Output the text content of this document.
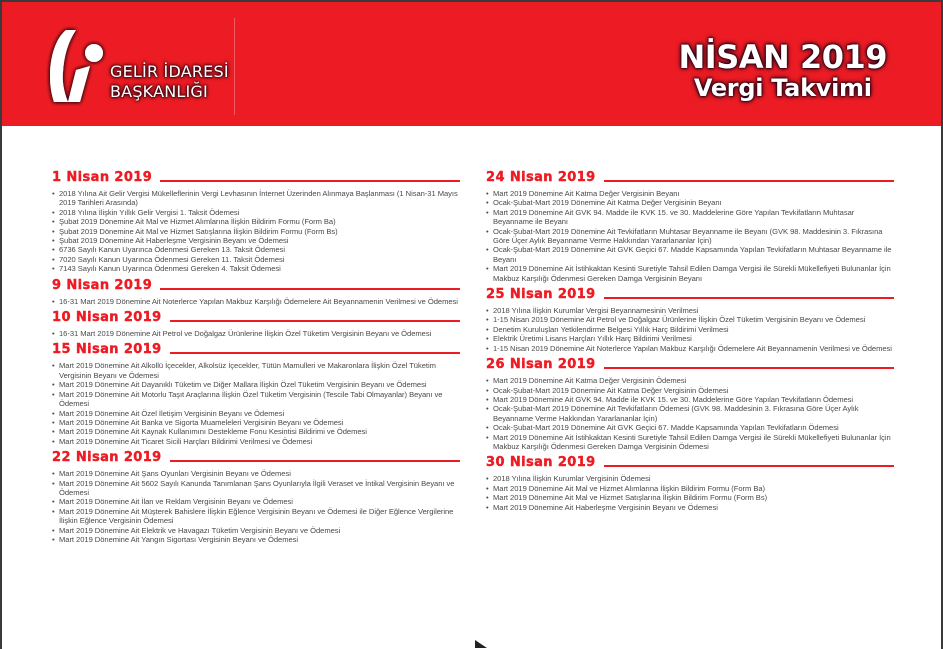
GELİR İDARESİ
BAŞKANLIĞI
NİSAN 2019
Vergi Takvimi
1 Nisan 2019
• 2018 Yılına Ait Gelir Vergisi Mükelleflerinin Vergi Levhasının İnternet Üzerinden Alınmaya Başlanması (1 Nisan-31 Mayıs 2019 Tarihleri Arasında)
• 2018 Yılına İlişkin Yıllık Gelir Vergisi 1. Taksit Ödemesi
• Şubat 2019 Dönemine Ait Mal ve Hizmet Alımlarına İlişkin Bildirim Formu (Form Ba)
• Şubat 2019 Dönemine Ait Mal ve Hizmet Satışlarına İlişkin Bildirim Formu (Form Bs)
• Şubat 2019 Dönemine Ait Haberleşme Vergisinin Beyanı ve Ödemesi
• 6736 Sayılı Kanun Uyarınca Ödenmesi Gereken 13. Taksit Ödemesi
• 7020 Sayılı Kanun Uyarınca Ödenmesi Gereken 11. Taksit Ödemesi
• 7143 Sayılı Kanun Uyarınca Ödenmesi Gereken 4. Taksit Ödemesi
9 Nisan 2019
• 16-31 Mart 2019 Dönemine Ait Noterlerce Yapılan Makbuz Karşılığı Ödemelere Ait Beyannamenin Verilmesi ve Ödemesi
10 Nisan 2019
• 16-31 Mart 2019 Dönemine Ait Petrol ve Doğalgaz Ürünlerine İlişkin Özel Tüketim Vergisinin Beyanı ve Ödemesi
15 Nisan 2019
• Mart 2019 Dönemine Ait Alkollü İçecekler, Alkolsüz İçecekler, Tütün Mamulleri ve Makaronlara İlişkin Özel Tüketim Vergisinin Beyanı ve Ödemesi
• Mart 2019 Dönemine Ait Dayanıklı Tüketim ve Diğer Mallara İlişkin Özel Tüketim Vergisinin Beyanı ve Ödemesi
• Mart 2019 Dönemine Ait Motorlu Taşıt Araçlarına İlişkin Özel Tüketim Vergisinin (Tescile Tabi Olmayanlar) Beyanı ve Ödemesi
• Mart 2019 Dönemine Ait Özel İletişim Vergisinin Beyanı ve Ödemesi
• Mart 2019 Dönemine Ait Banka ve Sigorta Muameleleri Vergisinin Beyanı ve Ödemesi
• Mart 2019 Dönemine Ait Kaynak Kullanımını Destekleme Fonu Kesintisi Bildirimi ve Ödemesi
• Mart 2019 Dönemine Ait Ticaret Sicili Harçları Bildirimi Verilmesi ve Ödemesi
22 Nisan 2019
• Mart 2019 Dönemine Ait Şans Oyunları Vergisinin Beyanı ve Ödemesi
• Mart 2019 Dönemine Ait 5602 Sayılı Kanunda Tanımlanan Şans Oyunlarıyla İlgili Veraset ve İntikal Vergisinin Beyanı ve Ödemesi
• Mart 2019 Dönemine Ait İlan ve Reklam Vergisinin Beyanı ve Ödemesi
• Mart 2019 Dönemine Ait Müşterek Bahislere İlişkin Eğlence Vergisinin Beyanı ve Ödemesi ile Diğer Eğlence Vergilerine İlişkin Eğlence Vergisinin Ödemesi
• Mart 2019 Dönemine Ait Elektrik ve Havagazı Tüketim Vergisinin Beyanı ve Ödemesi
• Mart 2019 Dönemine Ait Yangın Sigortası Vergisinin Beyanı ve Ödemesi
24 Nisan 2019
• Mart 2019 Dönemine Ait Katma Değer Vergisinin Beyanı
• Ocak-Şubat-Mart 2019 Dönemine Ait Katma Değer Vergisinin Beyanı
• Mart 2019 Dönemine Ait GVK 94. Madde ile KVK 15. ve 30. Maddelerine Göre Yapılan Tevkifatların Muhtasar Beyanname ile Beyanı
• Ocak-Şubat-Mart 2019 Dönemine Ait Tevkifatların Muhtasar Beyanname ile Beyanı (GVK 98. Maddesinin 3. Fıkrasına Göre Üçer Aylık Beyanname Verme Hakkından Yararlananlar İçin)
• Ocak-Şubat-Mart 2019 Dönemine Ait GVK Geçici 67. Madde Kapsamında Yapılan Tevkifatların Muhtasar Beyanname ile Beyanı
• Mart 2019 Dönemine Ait İstihkaktan Kesinti Suretiyle Tahsil Edilen Damga Vergisi ile Sürekli Mükellefiyeti Bulunanlar İçin Makbuz Karşılığı Ödenmesi Gereken Damga Vergisinin Beyanı
25 Nisan 2019
• 2018 Yılına İlişkin Kurumlar Vergisi Beyannamesinin Verilmesi
• 1-15 Nisan 2019 Dönemine Ait Petrol ve Doğalgaz Ürünlerine İlişkin Özel Tüketim Vergisinin Beyanı ve Ödemesi
• Denetim Kuruluşları Yetkilendirme Belgesi Yıllık Harç Bildirimi Verilmesi
• Elektrik Üretimi Lisans Harçları Yıllık Harç Bildirimi Verilmesi
• 1-15 Nisan 2019 Dönemine Ait Noterlerce Yapılan Makbuz Karşılığı Ödemelere Ait Beyannamenin Verilmesi ve Ödemesi
26 Nisan 2019
• Mart 2019 Dönemine Ait Katma Değer Vergisinin Ödemesi
• Ocak-Şubat-Mart 2019 Dönemine Ait Katma Değer Vergisinin Ödemesi
• Mart 2019 Dönemine Ait GVK 94. Madde ile KVK 15. ve 30. Maddelerine Göre Yapılan Tevkifatların Ödemesi
• Ocak-Şubat-Mart 2019 Dönemine Ait Tevkifatların Ödemesi (GVK 98. Maddesinin 3. Fıkrasına Göre Üçer Aylık Beyanname Verme Hakkından Yararlananlar İçin)
• Ocak-Şubat-Mart 2019 Dönemine Ait GVK Geçici 67. Madde Kapsamında Yapılan Tevkifatların Ödemesi
• Mart 2019 Dönemine Ait İstihkaktan Kesinti Suretiyle Tahsil Edilen Damga Vergisi ile Sürekli Mükellefiyeti Bulunanlar İçin Makbuz Karşılığı Ödenmesi Gereken Damga Vergisinin Ödemesi
30 Nisan 2019
• 2018 Yılına İlişkin Kurumlar Vergisinin Ödemesi
• Mart 2019 Dönemine Ait Mal ve Hizmet Alımlarına İlişkin Bildirim Formu (Form Ba)
• Mart 2019 Dönemine Ait Mal ve Hizmet Satışlarına İlişkin Bildirim Formu (Form Bs)
• Mart 2019 Dönemine Ait Haberleşme Vergisinin Beyanı ve Ödemesi
